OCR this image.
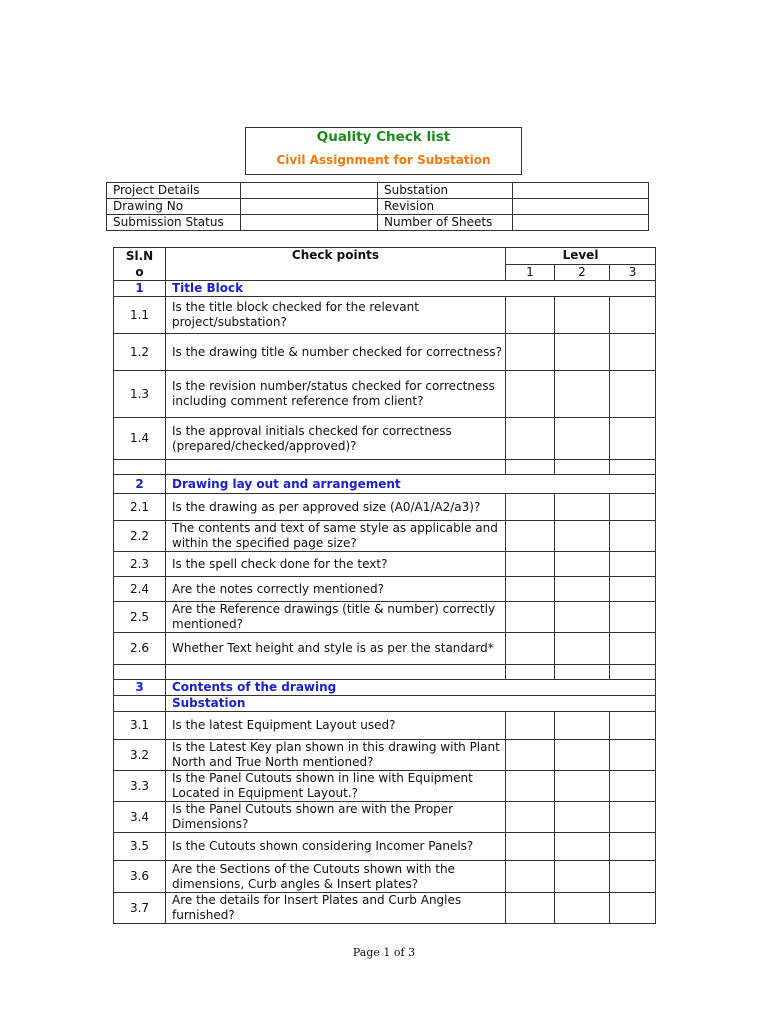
Quality Check list
Civil Assignment for Substation
Project Details		Substation	
Drawing No		Revision	
Submission Status		Number of Sheets	
Sl.N o	Check points	Level		
		1	2	3
1	Title Block			
1.1	Is the title block checked for the relevant project/substation?			
1.2	Is the drawing title & number checked for correctness?			
1.3	Is the revision number/status checked for correctness including comment reference from client?			
1.4	Is the approval initials checked for correctness (prepared/checked/approved)?			

2	Drawing lay out and arrangement			
2.1	Is the drawing as per approved size (A0/A1/A2/a3)?			
2.2	The contents and text of same style as applicable and within the specified page size?			
2.3	Is the spell check done for the text?			
2.4	Are the notes correctly mentioned?			
2.5	Are the Reference drawings (title & number) correctly mentioned?			
2.6	Whether Text height and style is as per the standard*			

3	Contents of the drawing			
	Substation			
3.1	Is the latest Equipment Layout used?			
3.2	Is the Latest Key plan shown in this drawing with Plant North and True North mentioned?			
3.3	Is the Panel Cutouts shown in line with Equipment Located in Equipment Layout.?			
3.4	Is the Panel Cutouts shown are with the Proper Dimensions?			
3.5	Is the Cutouts shown considering Incomer Panels?			
3.6	Are the Sections of the Cutouts shown with the dimensions, Curb angles & Insert plates?			
3.7	Are the details for Insert Plates and Curb Angles furnished?			
Page 1 of 3
